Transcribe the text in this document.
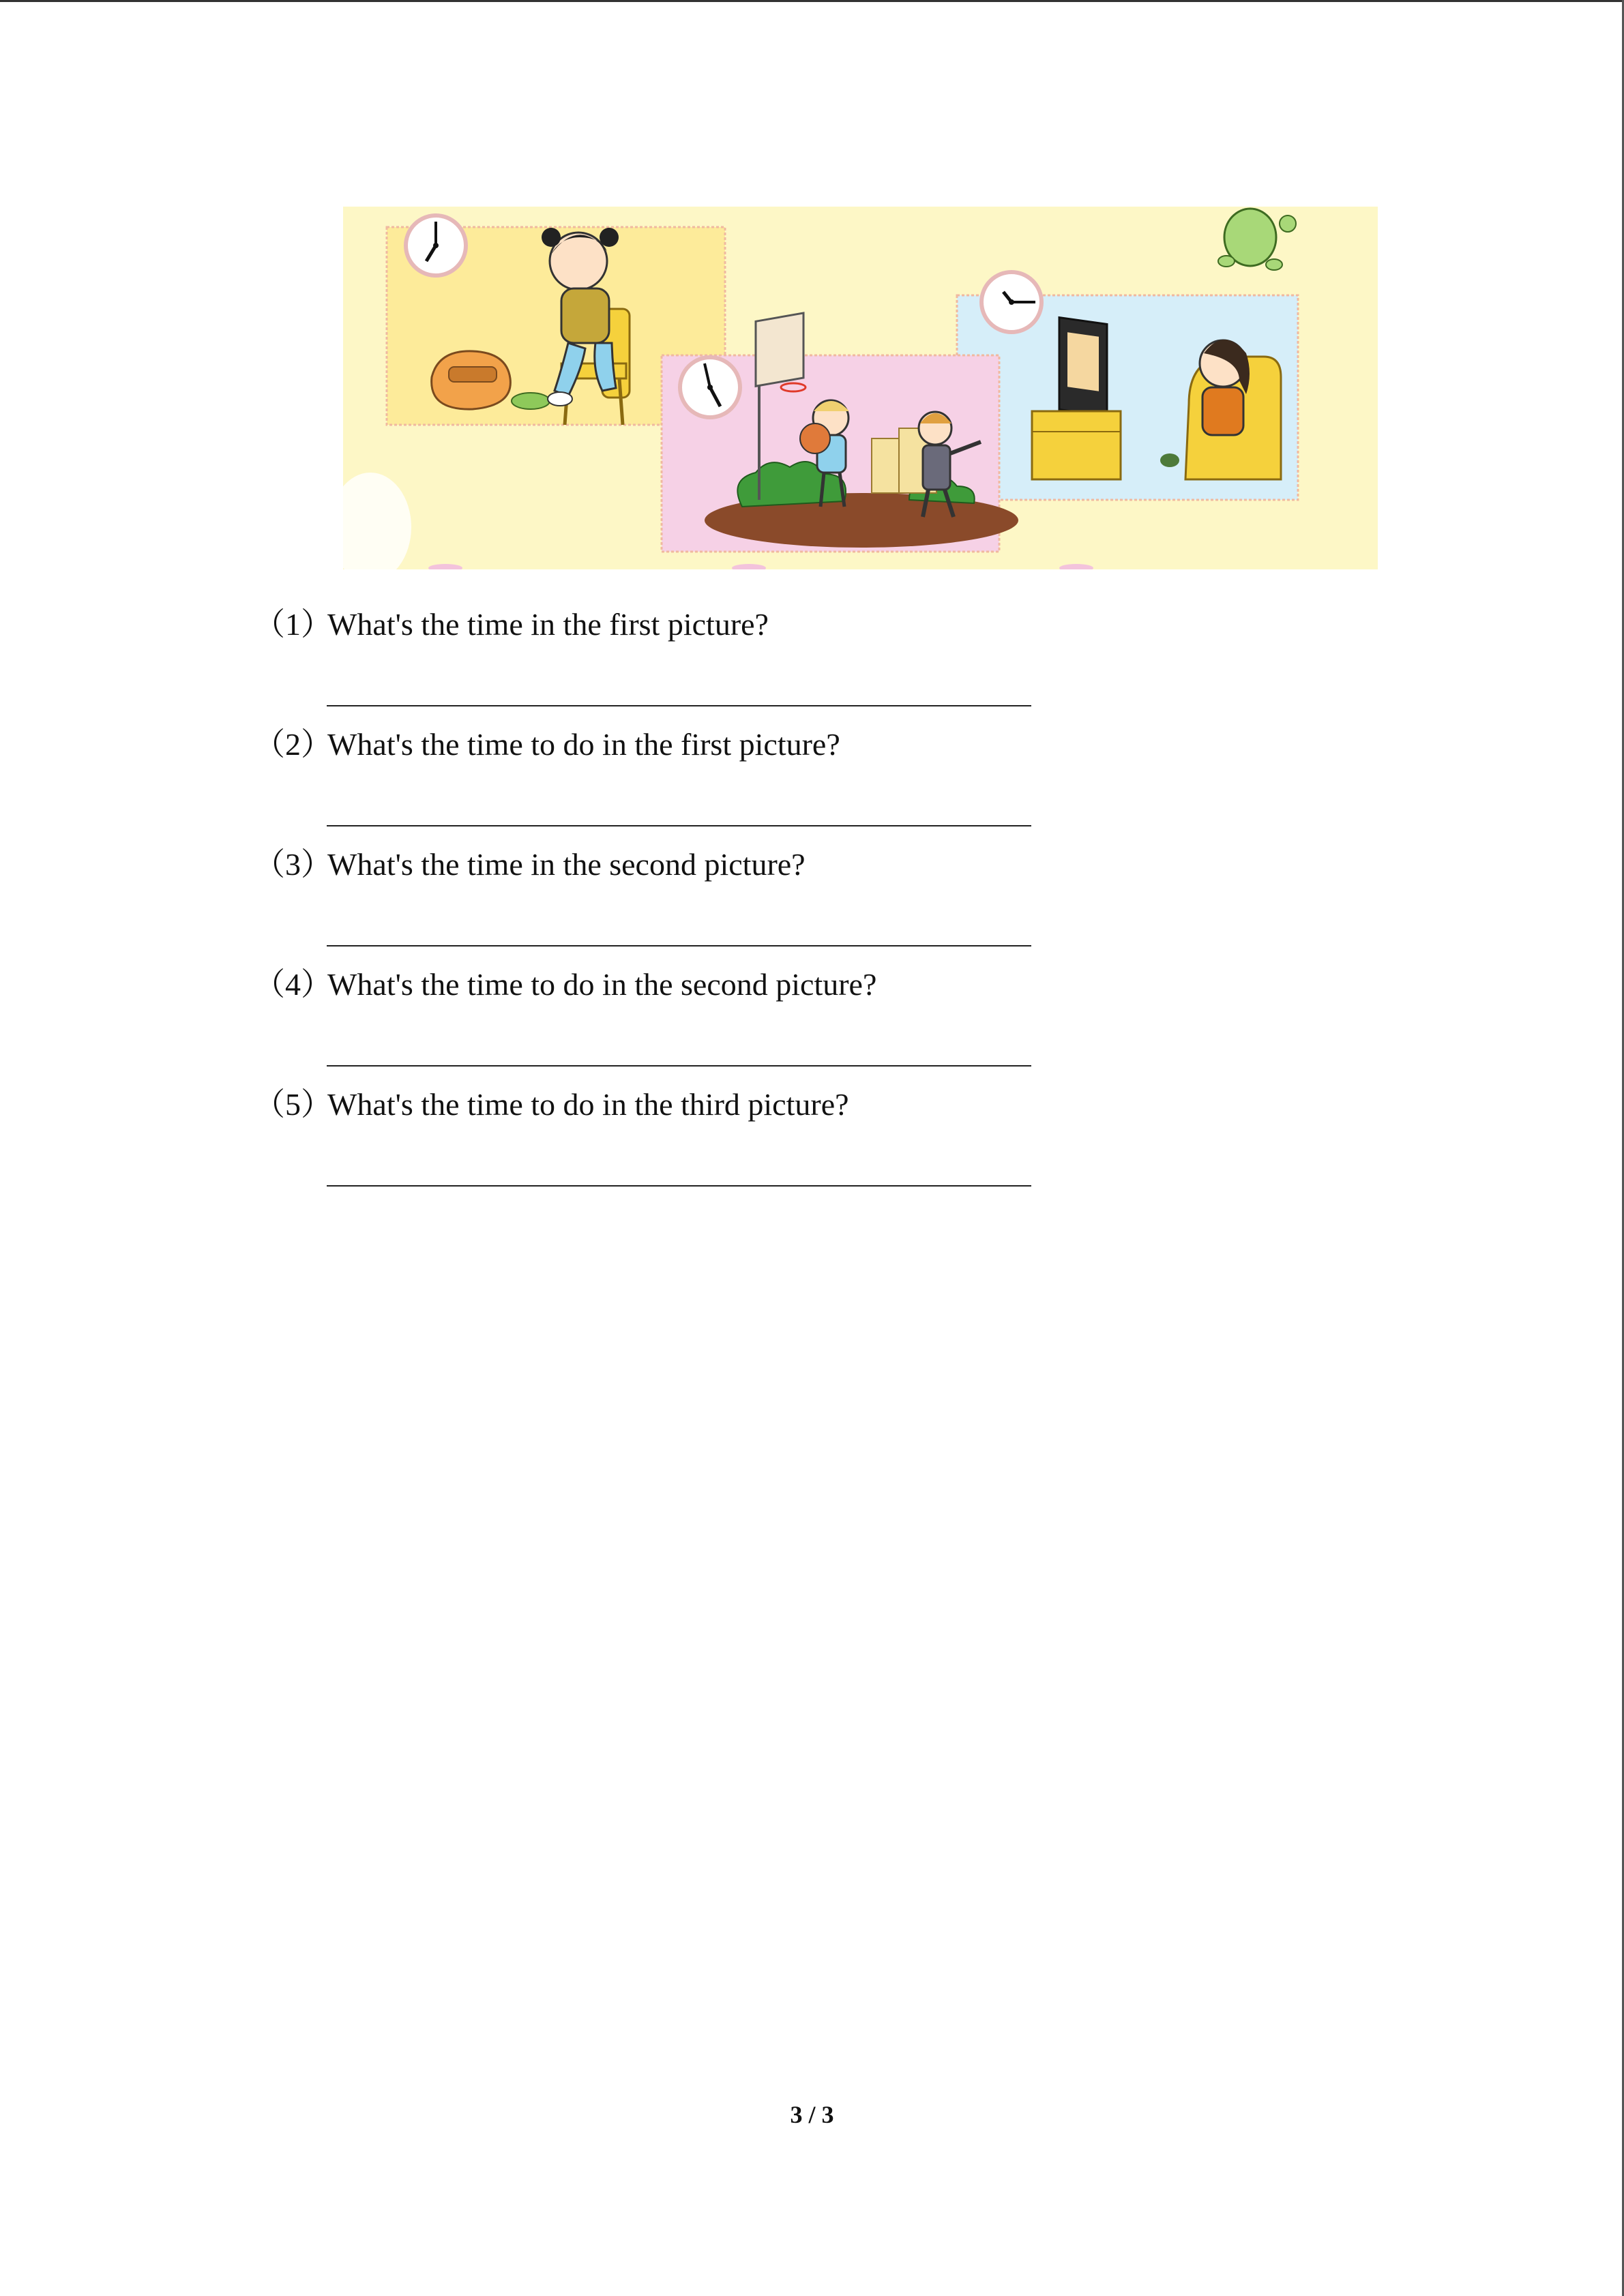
（1）What's the time in the first picture?
（2）What's the time to do in the first picture?
（3）What's the time in the second picture?
（4）What's the time to do in the second picture?
（5）What's the time to do in the third picture?
3 / 3
